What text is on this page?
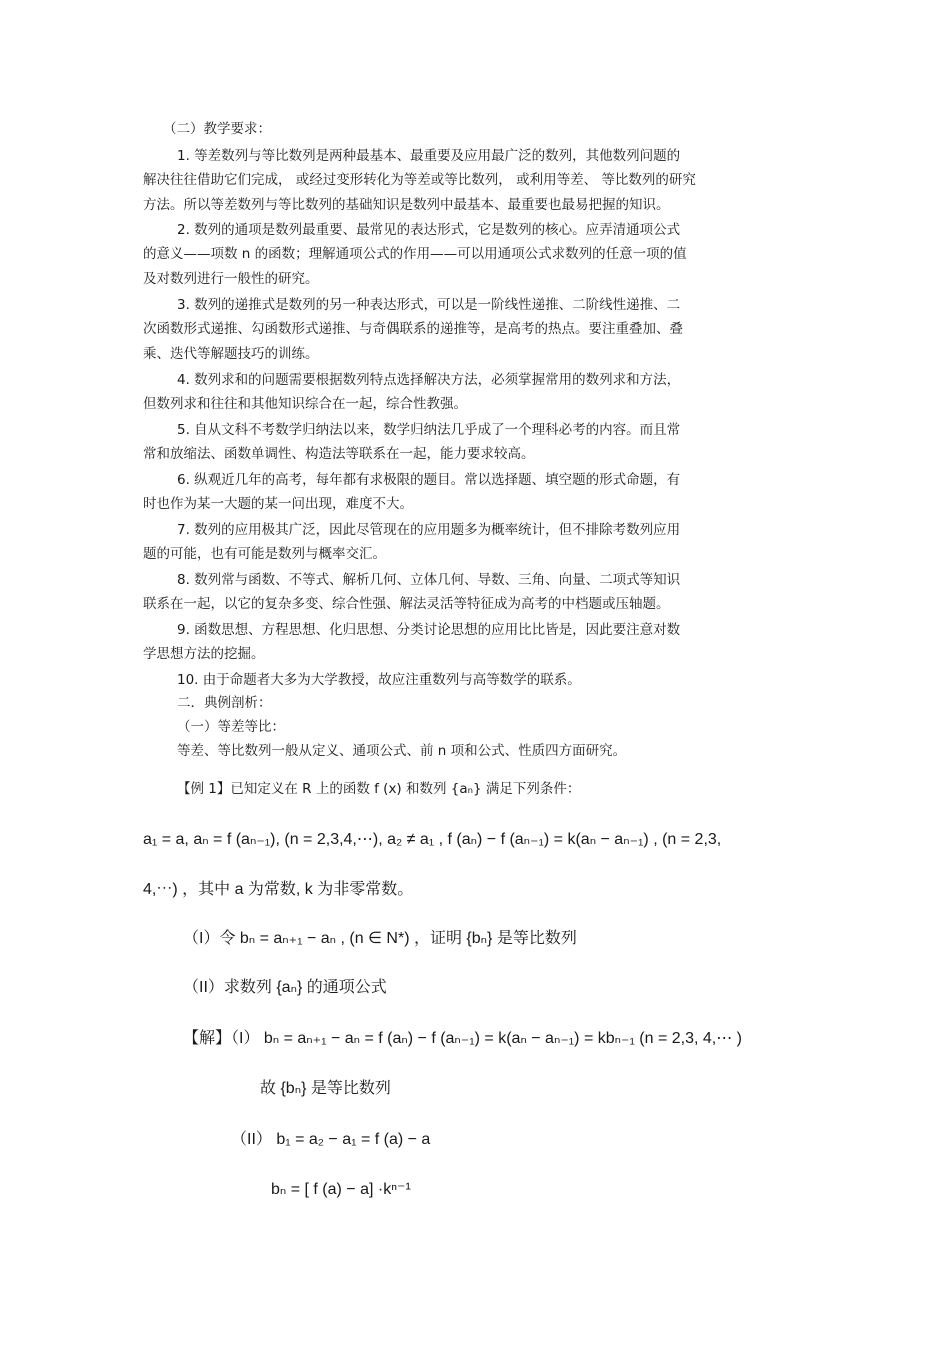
（二）教学要求：
1. 等差数列与等比数列是两种最基本、最重要及应用最广泛的数列，其他数列问题的
解决往往借助它们完成， 或经过变形转化为等差或等比数列， 或利用等差、 等比数列的研究
方法。所以等差数列与等比数列的基础知识是数列中最基本、最重要也最易把握的知识。
2. 数列的通项是数列最重要、最常见的表达形式，它是数列的核心。应弄清通项公式
的意义——项数 n 的函数；理解通项公式的作用——可以用通项公式求数列的任意一项的值
及对数列进行一般性的研究。
3. 数列的递推式是数列的另一种表达形式，可以是一阶线性递推、二阶线性递推、二
次函数形式递推、勾函数形式递推、与奇偶联系的递推等，是高考的热点。要注重叠加、叠
乘、迭代等解题技巧的训练。
4. 数列求和的问题需要根据数列特点选择解决方法，必须掌握常用的数列求和方法，
但数列求和往往和其他知识综合在一起，综合性教强。
5. 自从文科不考数学归纳法以来，数学归纳法几乎成了一个理科必考的内容。而且常
常和放缩法、函数单调性、构造法等联系在一起，能力要求较高。
6. 纵观近几年的高考，每年都有求极限的题目。常以选择题、填空题的形式命题，有
时也作为某一大题的某一问出现，难度不大。
7. 数列的应用极其广泛，因此尽管现在的应用题多为概率统计，但不排除考数列应用
题的可能，也有可能是数列与概率交汇。
8. 数列常与函数、不等式、解析几何、立体几何、导数、三角、向量、二项式等知识
联系在一起，以它的复杂多变、综合性强、解法灵活等特征成为高考的中档题或压轴题。
9. 函数思想、方程思想、化归思想、分类讨论思想的应用比比皆是，因此要注意对数
学思想方法的挖掘。
10. 由于命题者大多为大学教授，故应注重数列与高等数学的联系。
二．典例剖析：
（一）等差等比：
等差、等比数列一般从定义、通项公式、前 n 项和公式、性质四方面研究。
【例 1】已知定义在 R 上的函数 f (x) 和数列 {aₙ} 满足下列条件：
a₁ = a, aₙ = f (aₙ₋₁), (n = 2,3,4,⋯), a₂ ≠ a₁ , f (aₙ) − f (aₙ₋₁) = k(aₙ − aₙ₋₁) , (n = 2,3,
4,⋯) ，其中 a 为常数, k 为非零常数。
（I）令 bₙ = aₙ₊₁ − aₙ , (n ∈ N*) ，证明 {bₙ} 是等比数列
（II）求数列 {aₙ} 的通项公式
【解】（I） bₙ = aₙ₊₁ − aₙ = f (aₙ) − f (aₙ₋₁) = k(aₙ − aₙ₋₁) = kbₙ₋₁ (n = 2,3, 4,⋯ )
故 {bₙ} 是等比数列
（II） b₁ = a₂ − a₁ = f (a) − a
bₙ = [ f (a) − a] ·kⁿ⁻¹
